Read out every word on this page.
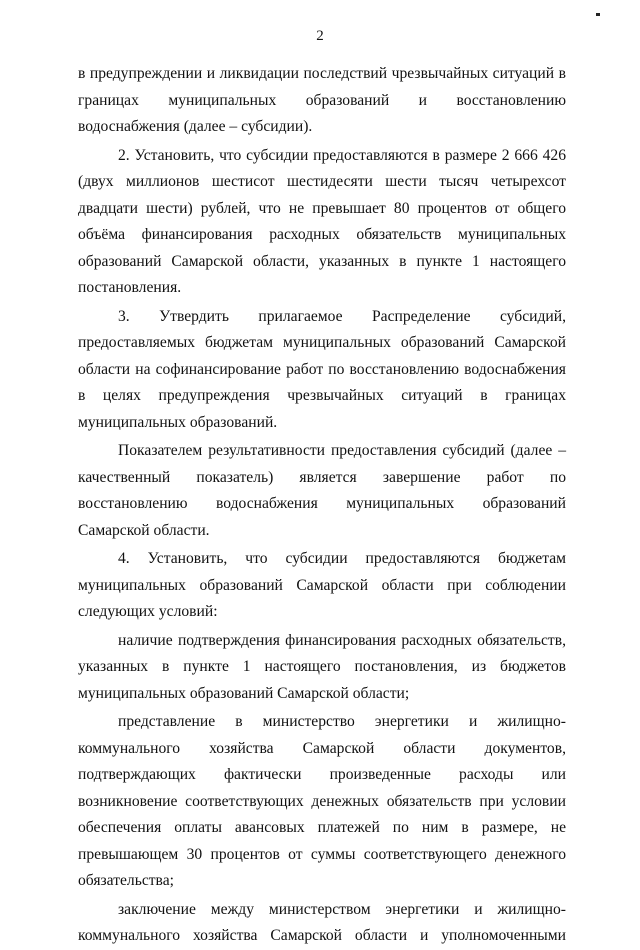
2

в предупреждении и ликвидации последствий чрезвычайных ситуаций в границах муниципальных образований и восстановлению водоснабжения (далее – субсидии).

2. Установить, что субсидии предоставляются в размере 2 666 426 (двух миллионов шестисот шестидесяти шести тысяч четырехсот двадцати шести) рублей, что не превышает 80 процентов от общего объёма финансирования расходных обязательств муниципальных образований Самарской области, указанных в пункте 1 настоящего постановления.

3. Утвердить прилагаемое Распределение субсидий, предоставляемых бюджетам муниципальных образований Самарской области на софинансирование работ по восстановлению водоснабжения в целях предупреждения чрезвычайных ситуаций в границах муниципальных образований.

Показателем результативности предоставления субсидий (далее – качественный показатель) является завершение работ по восстановлению водоснабжения муниципальных образований Самарской области.

4. Установить, что субсидии предоставляются бюджетам муниципальных образований Самарской области при соблюдении следующих условий:

наличие подтверждения финансирования расходных обязательств, указанных в пункте 1 настоящего постановления, из бюджетов муниципальных образований Самарской области;

представление в министерство энергетики и жилищно-коммунального хозяйства Самарской области документов, подтверждающих фактически произведенные расходы или возникновение соответствующих денежных обязательств при условии обеспечения оплаты авансовых платежей по ним в размере, не превышающем 30 процентов от суммы соответствующего денежного обязательства;

заключение между министерством энергетики и жилищно-коммунального хозяйства Самарской области и уполномоченными
